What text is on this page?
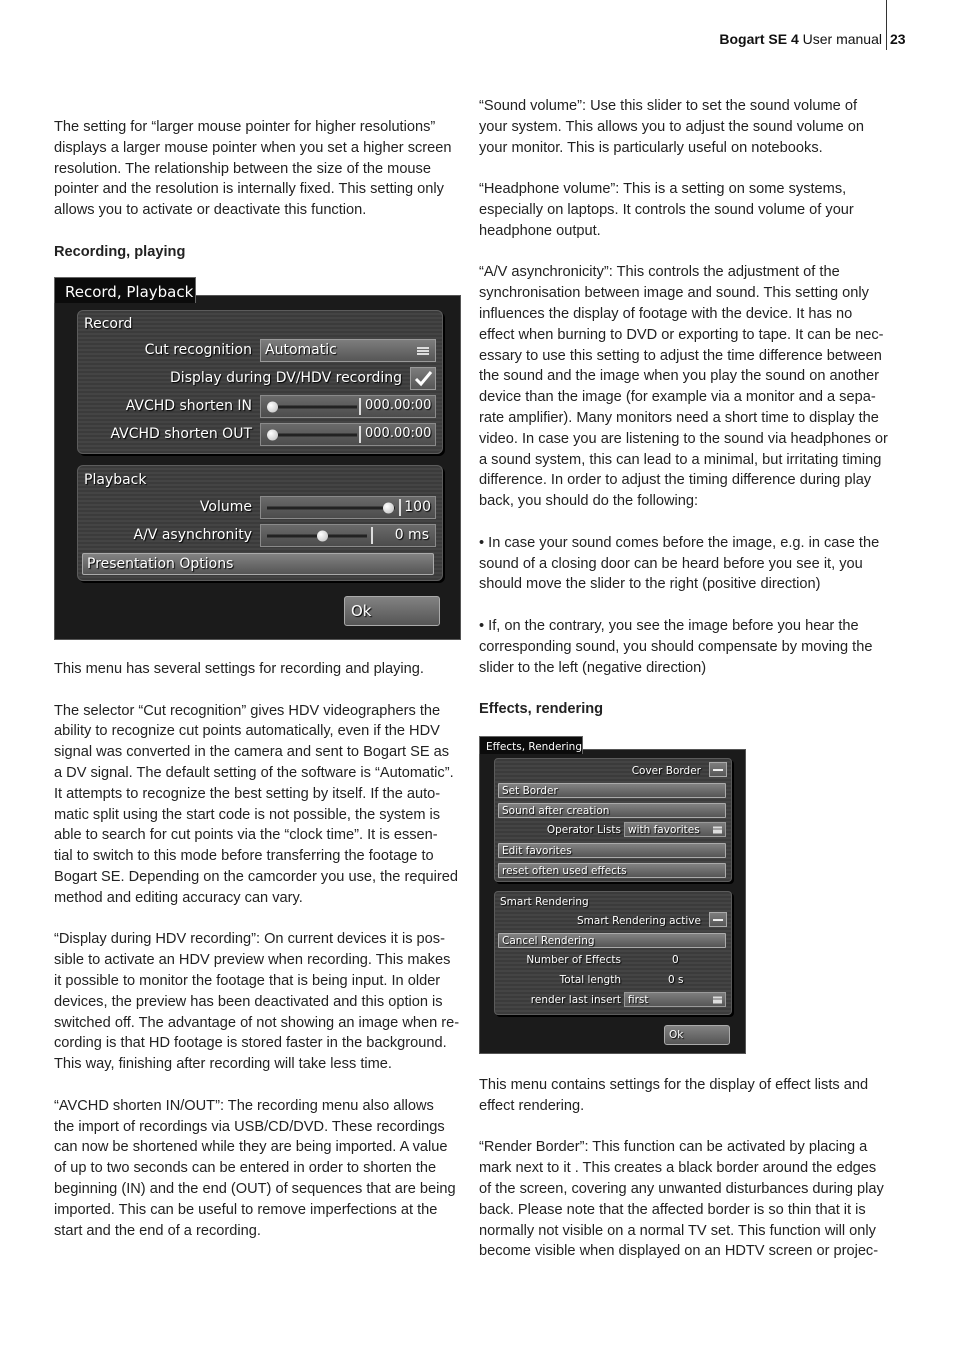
Bogart SE 4 User manual 23
The setting for “larger mouse pointer for higher resolutions”
displays a larger mouse pointer when you set a higher screen
resolution. The relationship between the size of the mouse
pointer and the resolution is internally fixed. This setting only
allows you to activate or deactivate this function.
Recording, playing
This menu has several settings for recording and playing.
The selector “Cut recognition” gives HDV videographers the
ability to recognize cut points automatically, even if the HDV
signal was converted in the camera and sent to Bogart SE as
a DV signal. The default setting of the software is “Automatic”.
It attempts to recognize the best setting by itself. If the auto-
matic split using the start code is not possible, the system is
able to search for cut points via the “clock time”. It is essen-
tial to switch to this mode before transferring the footage to
Bogart SE. Depending on the camcorder you use, the required
method and editing accuracy can vary.
“Display during HDV recording”: On current devices it is pos-
sible to activate an HDV preview when recording. This makes
it possible to monitor the footage that is being input. In older
devices, the preview has been deactivated and this option is
switched off. The advantage of not showing an image when re-
cording is that HD footage is stored faster in the background.
This way, finishing after recording will take less time.
“AVCHD shorten IN/OUT”: The recording menu also allows
the import of recordings via USB/CD/DVD. These recordings
can now be shortened while they are being imported. A value
of up to two seconds can be entered in order to shorten the
beginning (IN) and the end (OUT) of sequences that are being
imported. This can be useful to remove imperfections at the
start and the end of a recording.
“Sound volume”: Use this slider to set the sound volume of
your system. This allows you to adjust the sound volume on
your monitor. This is particularly useful on notebooks.
“Headphone volume”: This is a setting on some systems,
especially on laptops. It controls the sound volume of your
headphone output.
“A/V asynchronicity”: This controls the adjustment of the
synchronisation between image and sound. This setting only
influences the display of footage with the device. It has no
effect when burning to DVD or exporting to tape. It can be nec-
essary to use this setting to adjust the time difference between
the sound and the image when you play the sound on another
device than the image (for example via a monitor and a sepa-
rate amplifier). Many monitors need a short time to display the
video. In case you are listening to the sound via headphones or
a sound system, this can lead to a minimal, but irritating timing
difference. In order to adjust the timing difference during play
back, you should do the following:
• In case your sound comes before the image, e.g. in case the
sound of a closing door can be heard before you see it, you
should move the slider to the right (positive direction)
• If, on the contrary, you see the image before you hear the
corresponding sound, you should compensate by moving the
slider to the left (negative direction)
Effects, rendering
This menu contains settings for the display of effect lists and
effect rendering.
“Render Border”: This function can be activated by placing a
mark next to it . This creates a black border around the edges
of the screen, covering any unwanted disturbances during play
back. Please note that the affected border is so thin that it is
normally not visible on a normal TV set. This function will only
become visible when displayed on an HDTV screen or projec-
Record, Playback
Record
Cut recognition Automatic
Display during DV/HDV recording
AVCHD shorten IN	000.00:00
AVCHD shorten OUT	000.00:00
Playback
Volume	100
A/V asynchronity	0 ms
Presentation Options
Ok
Effects, Rendering
Cover Border
Set Border
Sound after creation
Operator Lists with favorites
Edit favorites
reset often used effects
Smart Rendering
Smart Rendering active
Cancel Rendering
Number of Effects	0
Total length	0 s
render last insert first
Ok
